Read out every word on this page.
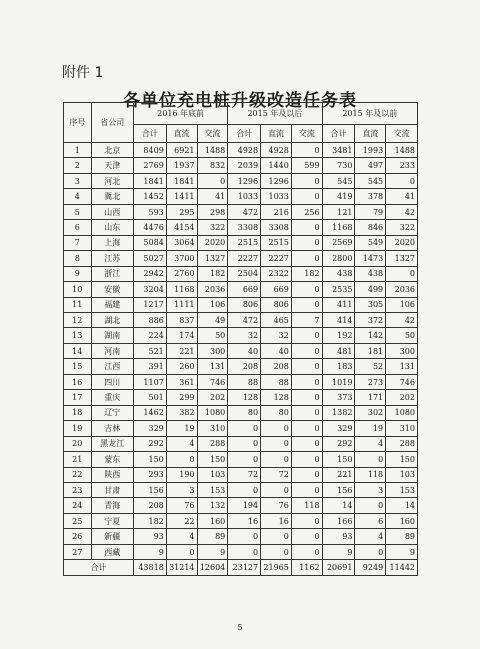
附件 1
各单位充电桩升级改造任务表
序号	省公司	2016 年底前			2015 年及以后			2015 年及以前		
		合计	直流	交流	合计	直流	交流	合计	直流	交流
1	北京	8409	6921	1488	4928	4928	0	3481	1993	1488
2	天津	2769	1937	832	2039	1440	599	730	497	233
3	河北	1841	1841	0	1296	1296	0	545	545	0
4	冀北	1452	1411	41	1033	1033	0	419	378	41
5	山西	593	295	298	472	216	256	121	79	42
6	山东	4476	4154	322	3308	3308	0	1168	846	322
7	上海	5084	3064	2020	2515	2515	0	2569	549	2020
8	江苏	5027	3700	1327	2227	2227	0	2800	1473	1327
9	浙江	2942	2760	182	2504	2322	182	438	438	0
10	安徽	3204	1168	2036	669	669	0	2535	499	2036
11	福建	1217	1111	106	806	806	0	411	305	106
12	湖北	886	837	49	472	465	7	414	372	42
13	湖南	224	174	50	32	32	0	192	142	50
14	河南	521	221	300	40	40	0	481	181	300
15	江西	391	260	131	208	208	0	183	52	131
16	四川	1107	361	746	88	88	0	1019	273	746
17	重庆	501	299	202	128	128	0	373	171	202
18	辽宁	1462	382	1080	80	80	0	1382	302	1080
19	吉林	329	19	310	0	0	0	329	19	310
20	黑龙江	292	4	288	0	0	0	292	4	288
21	蒙东	150	0	150	0	0	0	150	0	150
22	陕西	293	190	103	72	72	0	221	118	103
23	甘肃	156	3	153	0	0	0	156	3	153
24	青海	208	76	132	194	76	118	14	0	14
25	宁夏	182	22	160	16	16	0	166	6	160
26	新疆	93	4	89	0	0	0	93	4	89
27	西藏	9	0	9	0	0	0	9	0	9
合计		43818	31214	12604	23127	21965	1162	20691	9249	11442
5
